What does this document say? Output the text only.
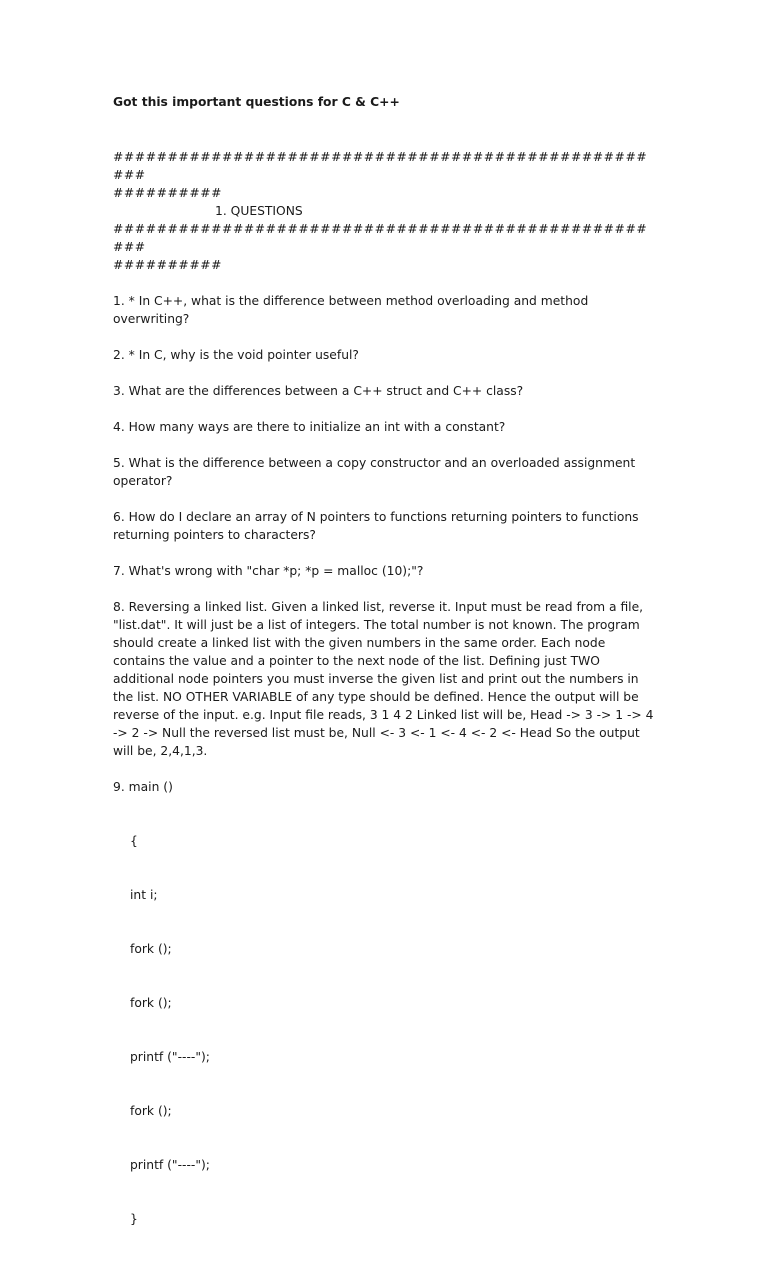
Got this important questions for C & C++

####################################################

##########

1. QUESTIONS

####################################################

##########

1. * In C++, what is the difference between method overloading and method overwriting?

2. * In C, why is the void pointer useful?

3. What are the differences between a C++ struct and C++ class?

4. How many ways are there to initialize an int with a constant?

5. What is the difference between a copy constructor and an overloaded assignment operator?

6. How do I declare an array of N pointers to functions returning pointers to functions returning pointers to characters?

7. What's wrong with "char *p; *p = malloc (10);"?

8. Reversing a linked list. Given a linked list, reverse it. Input must be read from a file, "list.dat". It will just be a list of integers. The total number is not known. The program should create a linked list with the given numbers in the same order. Each node contains the value and a pointer to the next node of the list. Defining just TWO additional node pointers you must inverse the given list and print out the numbers in the list. NO OTHER VARIABLE of any type should be defined. Hence the output will be reverse of the input. e.g. Input file reads, 3 1 4 2 Linked list will be, Head -> 3 -> 1 -> 4 -> 2 -> Null the reversed list must be, Null <- 3 <- 1 <- 4 <- 2 <- Head So the output will be, 2,4,1,3.

9. main ()

{

int i;

fork ();

fork ();

printf ("----");

fork ();

printf ("----");

}
